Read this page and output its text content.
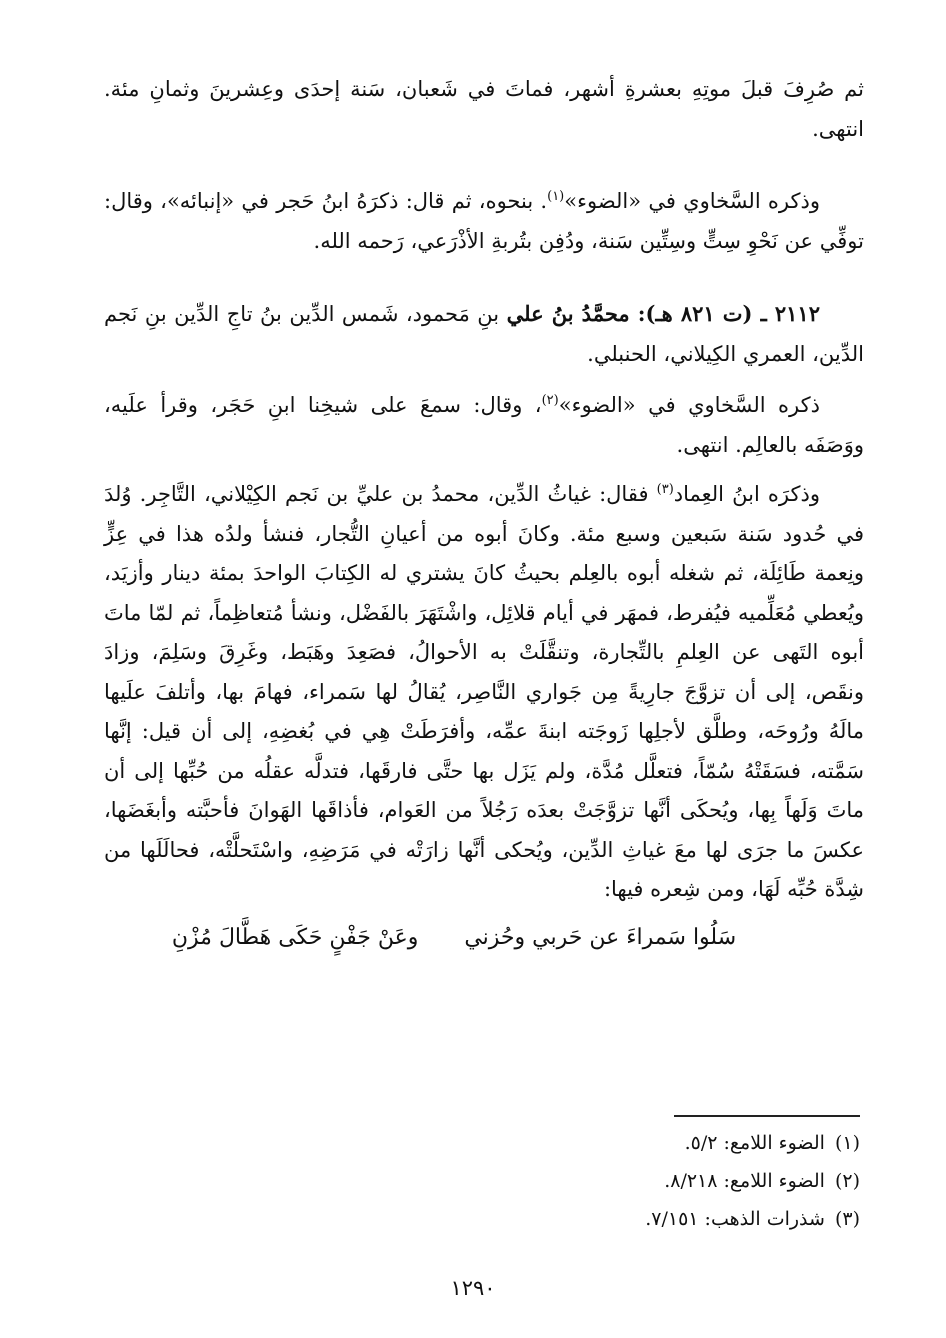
ثم صُرِفَ قبلَ موتِهِ بعشرةِ أشهر، فماتَ في شَعبان، سَنة إحدَى وعِشرينَ وثمانِ مئة. انتهى.

وذكره السَّخاوي في «الضوء»$^{(١)}$. بنحوه، ثم قال: ذكرَهُ ابنُ حَجر في «إنبائه»، وقال: توفِّي عن نَحْوِ سِتٍّ وسِتِّين سَنة، ودُفِن بتُربةِ الأذْرَعي، رَحمه الله.

٢١١٢ ـ (ت ٨٢١ هـ): محمَّدُ بنُ علي بنِ مَحمود، شَمس الدِّين بنُ تاجِ الدِّين بنِ نَجم الدِّين، العمري الكِيلاني، الحنبلي.

ذكره السَّخاوي في «الضوء»$^{(٢)}$، وقال: سمعَ على شيخِنا ابنِ حَجَر، وقرأ علَيه، ووَصَفَه بالعالِم. انتهى.

وذكرَه ابنُ العِماد$^{(٣)}$ فقال: غياثُ الدِّين، محمدُ بن عليِّ بن نَجم الكِيْلاني، التَّاجِر. وُلدَ في حُدود سَنة سَبعين وسبع مئة. وكانَ أبوه من أعيانِ التُّجار، فنشأ ولدُه هذا في عِزٍّ ونِعمة طَائِلَة، ثم شغله أبوه بالعِلم بحيثُ كانَ يشتري له الكِتابَ الواحدَ بمئة دينار وأزيَد، ويُعطي مُعَلِّميه فيُفرط، فمهَر في أيام قلائِل، واشْتَهَرَ بالفَضْل، ونشأ مُتعاظِماً، ثم لمّا ماتَ أبوه التَهى عن العِلمِ بالتِّجارة، وتنقَّلَتْ به الأحوالُ، فصَعِدَ وهَبَط، وغَرِقَ وسَلِمَ، وزادَ ونقَص، إلى أن تزوَّجَ جارِيةً مِن جَواري النَّاصِر، يُقالُ لها سَمراء، فهامَ بها، وأتلفَ علَيها مالَهُ ورُوحَه، وطلَّق لأجلِها زَوجَته ابنةَ عمِّه، وأفرَطَتْ هِي في بُغضِهِ، إلى أن قيل: إنَّها سَمَّته، فسَقَتْهُ سُمّاً، فتعلَّل مُدَّة، ولم يَزَل بها حتَّى فارقَها، فتدلَّه عقلُه من حُبِّها إلى أن ماتَ وَلَهاً بِها، ويُحكَى أنَّها تزوَّجَتْ بعدَه رَجُلاً من العَوام، فأذاقَها الهَوانَ فأحبَّته وأبغَضَها، عكسَ ما جرَى لها معَ غياثِ الدِّين، ويُحكى أنَّها زارَتْه في مَرَضِهِ، واسْتَحلَّتْه، فحالَلَها من شِدَّة حُبِّه لَهَا، ومن شِعره فيها:

سَلُوا سَمراءَ عن حَربي وحُزني
وعَنْ جَفْنٍ حَكَى هَطَّالَ مُزْنِ

(١)الضوء اللامع: ٥/٢.

(٢)الضوء اللامع: ٨/٢١٨.

(٣)شذرات الذهب: ٧/١٥١.

١٢٩٠
